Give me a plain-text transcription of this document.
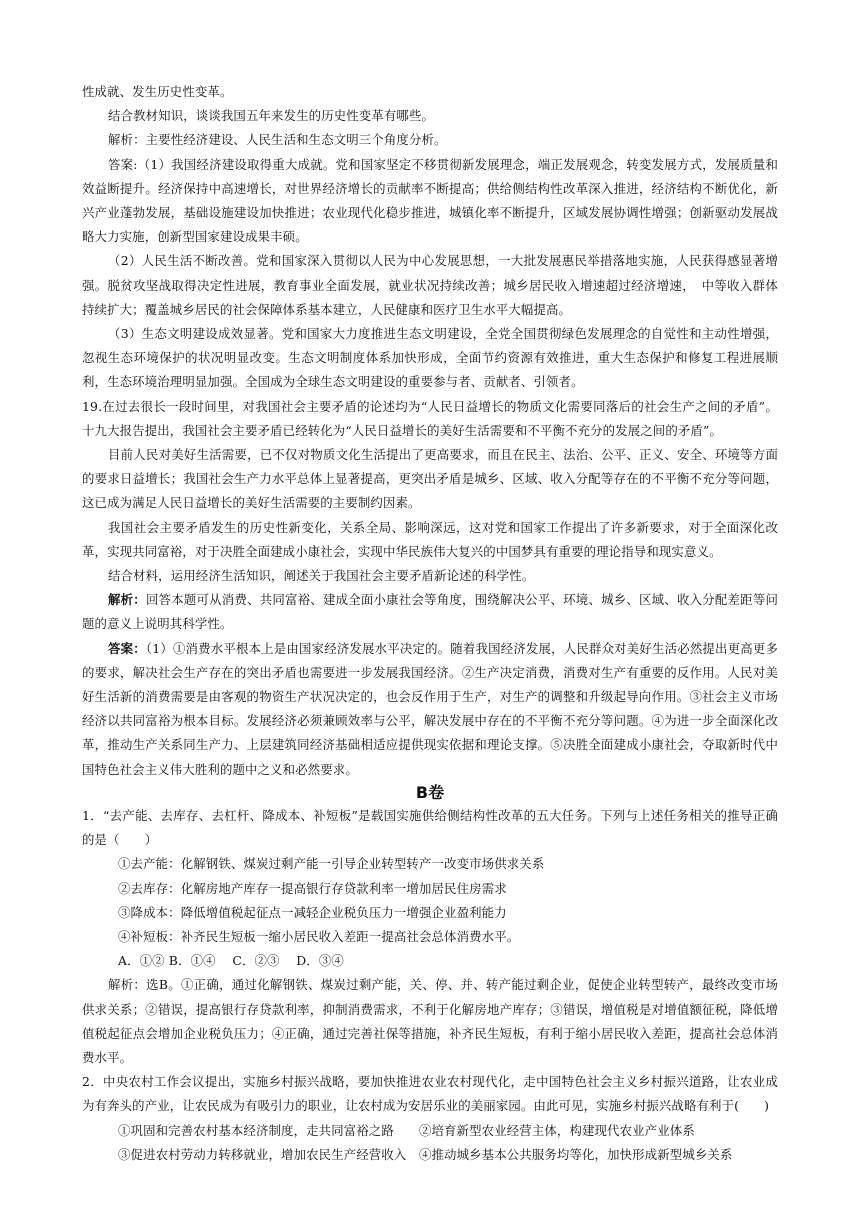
性成就、发生历史性变革。

结合教材知识，谈谈我国五年来发生的历史性变革有哪些。

解析：主要性经济建设、人民生活和生态文明三个角度分析。

答案:（1）我国经济建设取得重大成就。党和国家坚定不移贯彻新发展理念，端正发展观念，转变发展方式，发展质量和效益断提升。经济保持中高速增长，对世界经济增长的贡献率不断提高；供给侧结构性改革深入推进，经济结构不断优化，新兴产业蓬勃发展，基础设施建设加快推进；农业现代化稳步推进，城镇化率不断提升，区域发展协调性增强；创新驱动发展战略大力实施，创新型国家建设成果丰硕。

（2）人民生活不断改善。党和国家深入贯彻以人民为中心发展思想，一大批发展惠民举措落地实施，人民获得感显著增强。脱贫攻坚战取得决定性进展，教育事业全面发展，就业状况持续改善；城乡居民收入增速超过经济增速，　中等收入群体持续扩大；覆盖城乡居民的社会保障体系基本建立，人民健康和医疗卫生水平大幅提高。

（3）生态文明建设成效显著。党和国家大力度推进生态文明建设，全党全国贯彻绿色发展理念的自觉性和主动性增强，忽视生态环境保护的状况明显改变。生态文明制度体系加快形成，全面节约资源有效推进，重大生态保护和修复工程进展顺利，生态环境治理明显加强。全国成为全球生态文明建设的重要参与者、贡献者、引领者。

19.在过去很长一段时间里，对我国社会主要矛盾的论述均为“人民日益增长的物质文化需要同落后的社会生产之间的矛盾”。十九大报告提出，我国社会主要矛盾已经转化为“人民日益增长的美好生活需要和不平衡不充分的发展之间的矛盾”。

目前人民对美好生活需要，已不仅对物质文化生活提出了更高要求，而且在民主、法治、公平、正义、安全、环境等方面的要求日益增长；我国社会生产力水平总体上显著提高，更突出矛盾是城乡、区域、收入分配等存在的不平衡不充分等问题，这已成为满足人民日益增长的美好生活需要的主要制约因素。

我国社会主要矛盾发生的历史性新变化，关系全局、影响深远，这对党和国家工作提出了许多新要求，对于全面深化改革，实现共同富裕，对于决胜全面建成小康社会，实现中华民族伟大复兴的中国梦具有重要的理论指导和现实意义。

结合材料，运用经济生活知识，阐述关于我国社会主要矛盾新论述的科学性。

解析：回答本题可从消费、共同富裕、建成全面小康社会等角度，围绕解决公平、环境、城乡、区域、收入分配差距等问题的意义上说明其科学性。

答案：（1）①消费水平根本上是由国家经济发展水平决定的。随着我国经济发展，人民群众对美好生活必然提出更高更多的要求，解决社会生产存在的突出矛盾也需要进一步发展我国经济。②生产决定消费，消费对生产有重要的反作用。人民对美好生活新的消费需要是由客观的物资生产状况决定的，也会反作用于生产，对生产的调整和升级起导向作用。③社会主义市场经济以共同富裕为根本目标。发展经济必须兼顾效率与公平，解决发展中存在的不平衡不充分等问题。④为进一步全面深化改革，推动生产关系同生产力、上层建筑同经济基础相适应提供现实依据和理论支撑。⑤决胜全面建成小康社会，夺取新时代中国特色社会主义伟大胜利的题中之义和必然要求。

B卷

1．“去产能、去库存、去杠杆、降成本、补短板”是载国实施供给侧结构性改革的五大任务。下列与上述任务相关的推导正确的是（　　）

①去产能：化解钢铁、煤炭过剩产能一引导企业转型转产一改变市场供求关系

②去库存：化解房地产库存一提高银行存贷款利率一增加居民住房需求

③降成本：降低增值税起征点一减轻企业税负压力一增强企业盈利能力

④补短板：补齐民生短板一缩小居民收入差距一提高社会总体消费水平。

A．①② B．①④　 C．②③　 D．③④

解析：选B。①正确，通过化解钢铁、煤炭过剩产能，关、停、并、转产能过剩企业，促使企业转型转产，最终改变市场供求关系；②错误，提高银行存贷款利率，抑制消费需求，不利于化解房地产库存；③错误，增值税是对增值额征税，降低增值税起征点会增加企业税负压力；④正确，通过完善社保等措施，补齐民生短板，有利于缩小居民收入差距，提高社会总体消费水平。

2．中央农村工作会议提出，实施乡村振兴战略，要加快推进农业农村现代化，走中国特色社会主义乡村振兴道路，让农业成为有奔头的产业，让农民成为有吸引力的职业，让农村成为安居乐业的美丽家园。由此可见，实施乡村振兴战略有利于(　　)

①巩固和完善农村基本经济制度，走共同富裕之路　　②培育新型农业经营主体，构建现代农业产业体系

③促进农村劳动力转移就业，增加农民生产经营收入　④推动城乡基本公共服务均等化，加快形成新型城乡关系
